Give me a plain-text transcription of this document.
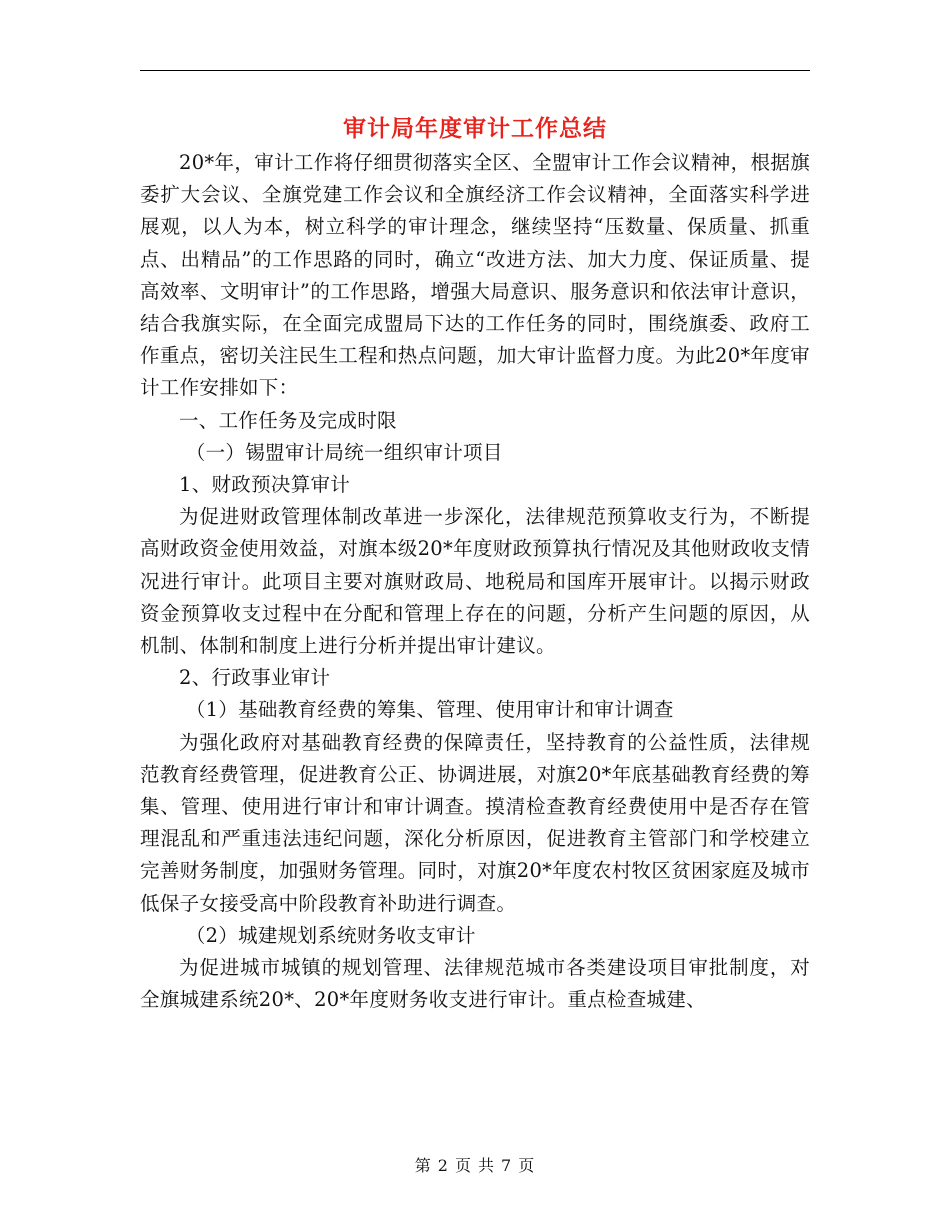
审计局年度审计工作总结

20*年，审计工作将仔细贯彻落实全区、全盟审计工作会议精神，根据旗委扩大会议、全旗党建工作会议和全旗经济工作会议精神，全面落实科学进展观，以人为本，树立科学的审计理念，继续坚持“压数量、保质量、抓重点、出精品”的工作思路的同时，确立“改进方法、加大力度、保证质量、提高效率、文明审计”的工作思路，增强大局意识、服务意识和依法审计意识，结合我旗实际，在全面完成盟局下达的工作任务的同时，围绕旗委、政府工作重点，密切关注民生工程和热点问题，加大审计监督力度。为此20*年度审计工作安排如下：

一、工作任务及完成时限

（一）锡盟审计局统一组织审计项目

1、财政预决算审计

为促进财政管理体制改革进一步深化，法律规范预算收支行为，不断提高财政资金使用效益，对旗本级20*年度财政预算执行情况及其他财政收支情况进行审计。此项目主要对旗财政局、地税局和国库开展审计。以揭示财政资金预算收支过程中在分配和管理上存在的问题，分析产生问题的原因，从机制、体制和制度上进行分析并提出审计建议。

2、行政事业审计

（1）基础教育经费的筹集、管理、使用审计和审计调查

为强化政府对基础教育经费的保障责任，坚持教育的公益性质，法律规范教育经费管理，促进教育公正、协调进展，对旗20*年底基础教育经费的筹集、管理、使用进行审计和审计调查。摸清检查教育经费使用中是否存在管理混乱和严重违法违纪问题，深化分析原因，促进教育主管部门和学校建立完善财务制度，加强财务管理。同时，对旗20*年度农村牧区贫困家庭及城市低保子女接受高中阶段教育补助进行调查。

（2）城建规划系统财务收支审计

为促进城市城镇的规划管理、法律规范城市各类建设项目审批制度，对全旗城建系统20*、20*年度财务收支进行审计。重点检查城建、

第 2 页 共 7 页
